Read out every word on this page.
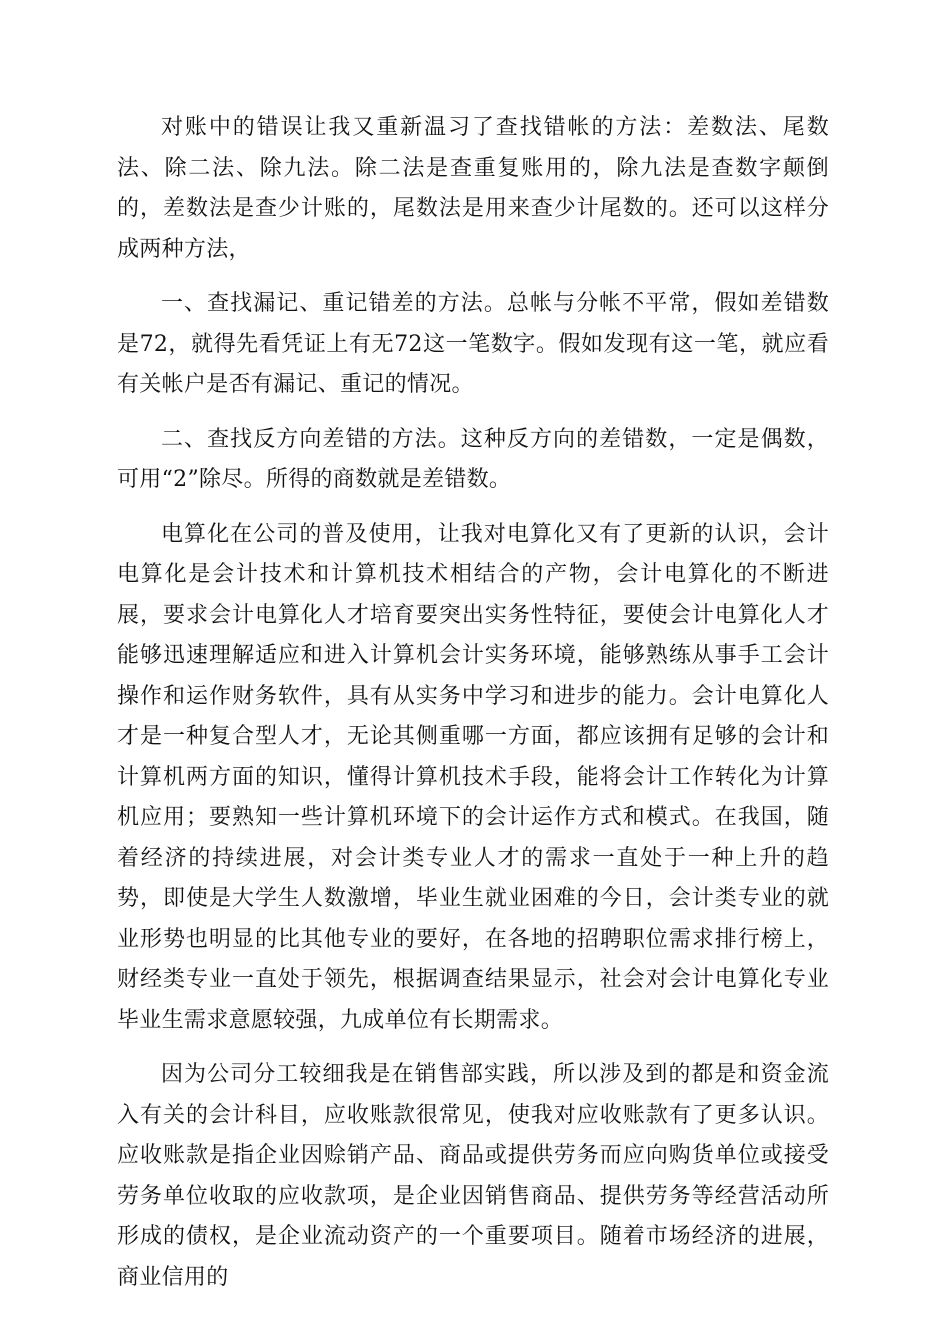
对账中的错误让我又重新温习了查找错帐的方法：差数法、尾数法、除二法、除九法。除二法是查重复账用的，除九法是查数字颠倒的，差数法是查少计账的，尾数法是用来查少计尾数的。还可以这样分成两种方法，

一、查找漏记、重记错差的方法。总帐与分帐不平常，假如差错数是72，就得先看凭证上有无72这一笔数字。假如发现有这一笔，就应看有关帐户是否有漏记、重记的情况。

二、查找反方向差错的方法。这种反方向的差错数，一定是偶数，可用“2”除尽。所得的商数就是差错数。

电算化在公司的普及使用，让我对电算化又有了更新的认识，会计电算化是会计技术和计算机技术相结合的产物，会计电算化的不断进展，要求会计电算化人才培育要突出实务性特征，要使会计电算化人才能够迅速理解适应和进入计算机会计实务环境，能够熟练从事手工会计操作和运作财务软件，具有从实务中学习和进步的能力。会计电算化人才是一种复合型人才，无论其侧重哪一方面，都应该拥有足够的会计和计算机两方面的知识，懂得计算机技术手段，能将会计工作转化为计算机应用；要熟知一些计算机环境下的会计运作方式和模式。在我国，随着经济的持续进展，对会计类专业人才的需求一直处于一种上升的趋势，即使是大学生人数激增，毕业生就业困难的今日，会计类专业的就业形势也明显的比其他专业的要好，在各地的招聘职位需求排行榜上，财经类专业一直处于领先，根据调查结果显示，社会对会计电算化专业毕业生需求意愿较强，九成单位有长期需求。

因为公司分工较细我是在销售部实践，所以涉及到的都是和资金流入有关的会计科目，应收账款很常见，使我对应收账款有了更多认识。应收账款是指企业因赊销产品、商品或提供劳务而应向购货单位或接受劳务单位收取的应收款项，是企业因销售商品、提供劳务等经营活动所形成的债权，是企业流动资产的一个重要项目。随着市场经济的进展，商业信用的
